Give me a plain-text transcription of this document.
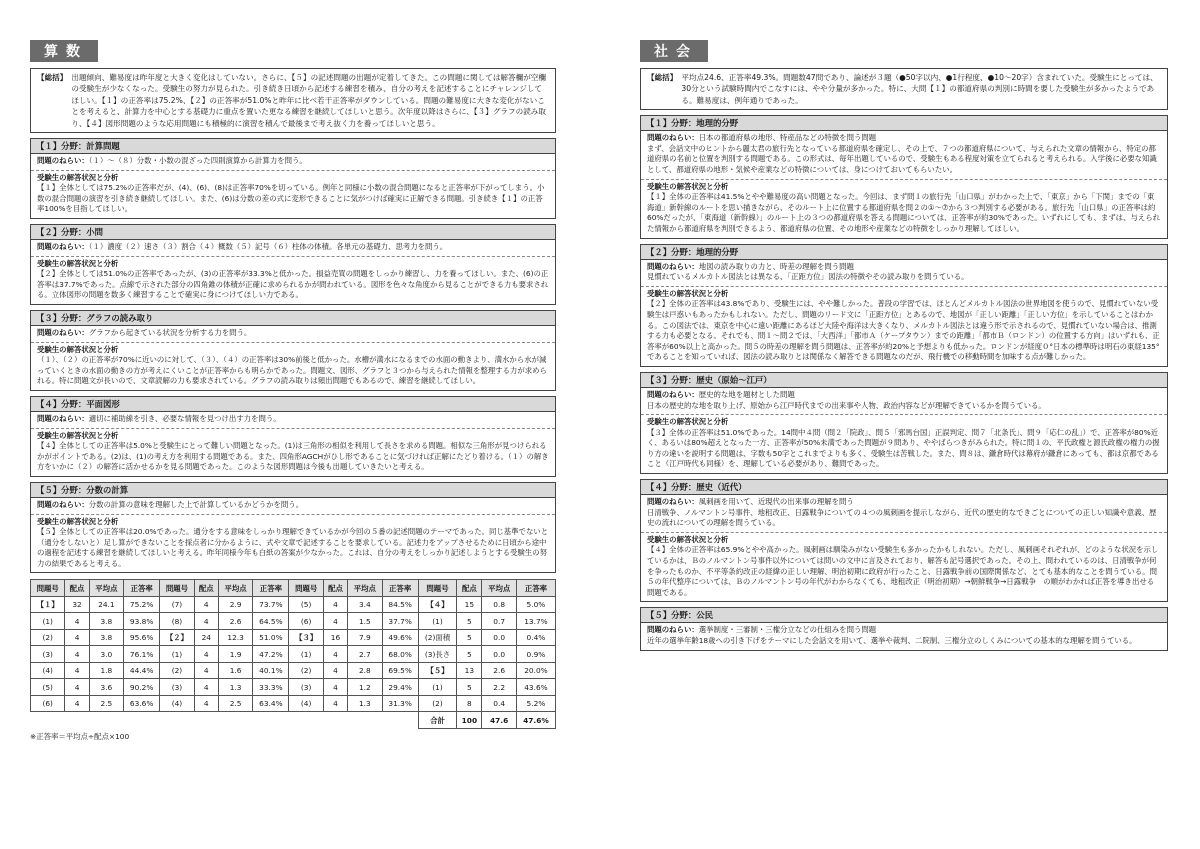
算数
【総括】 出題傾向、難易度は昨年度と大きく変化はしていない。さらに、【５】の記述問題の出題が定着してきた。この問題に関しては解答欄が空欄の受験生が少なくなった。受験生の努力が見られた。引き続き日頃から記述する練習を積み、自分の考えを記述することにチャレンジしてほしい。【１】の正答率は75.2%、【２】の正答率が51.0%と昨年に比べ若干正答率がダウンしている。問題の難易度に大きな変化がないことを考えると、計算力を中心とする基礎力に重点を置いた更なる練習を継続してほしいと思う。次年度以降はさらに、【３】グラフの読み取り、【４】図形問題のような応用問題にも積極的に演習を積んで最後まで考え抜く力を養ってほしいと思う。
【１】分野：計算問題
問題のねらい：（１）〜（８）分数・小数の混ざった四則演算から計算力を問う。
受験生の解答状況と分析
【１】全体としては75.2%の正答率だが、(4)、(6)、(8)は正答率70%を切っている。例年と同様に小数の混合問題になると正答率が下がってしまう。小数の混合問題の演習を引き続き継続してほしい。また、(6)は分数の差の式に変形できることに気がつけば確実に正解できる問題。引き続き【１】の正答率100%を目指してほしい。
【２】分野：小問
問題のねらい：（１）濃度（２）速さ（３）割合（４）概数（５）記号（６）柱体の体積。各単元の基礎力、思考力を問う。
受験生の解答状況と分析
【２】全体としては51.0%の正答率であったが、(3)の正答率が33.3%と低かった。損益売買の問題をしっかり練習し、力を養ってほしい。また、(6)の正答率は37.7%であった。点線で示された部分の四角錐の体積が正確に求められるかが問われている。図形を色々な角度から見ることができる力も要求される。立体図形の問題を数多く練習することで確実に身につけてほしい力である。
【３】分野：グラフの読み取り
問題のねらい：グラフから起きている状況を分析する力を問う。
受験生の解答状況と分析
（１）、（２）の正答率が70%に近いのに対して、（３）、（４）の正答率は30%前後と低かった。水槽が満水になるまでの水面の動きより、満水から水が減っていくときの水面の動きの方が考えにくいことが正答率からも明らかであった。問題文、図形、グラフと３つから与えられた情報を整理する力が求められる。特に問題文が長いので、文章読解の力も要求されている。グラフの読み取りは頻出問題でもあるので、練習を継続してほしい。
【４】分野：平面図形
問題のねらい：適切に補助線を引き、必要な情報を見つけ出す力を問う。
受験生の解答状況と分析
【４】全体としての正答率は5.0%と受験生にとって難しい問題となった。(1)は三角形の相似を利用して長さを求める問題。相似な三角形が見つけられるかがポイントである。(2)は、(1)の考え方を利用する問題である。また、四角形AGCHがひし形であることに気づければ正解にたどり着ける。（１）の解き方をいかに（２）の解答に活かせるかを見る問題であった。このような図形問題は今後も出題していきたいと考える。
【５】分野：分数の計算
問題のねらい：分数の計算の意味を理解した上で計算しているかどうかを問う。
受験生の解答状況と分析
【５】全体としての正答率は20.0%であった。通分をする意味をしっかり理解できているかが今回の５番の記述問題のテーマであった。同じ基準でないと（通分をしないと）足し算ができないことを採点者に分かるように、式や文章で記述することを要求している。記述力をアップさせるために日頃から途中の過程を記述する練習を継続してほしいと考える。昨年同様今年も白紙の答案が少なかった。これは、自分の考えをしっかり記述しようとする受験生の努力の結果であると考える。
問題号	配点	平均点	正答率	問題号	配点	平均点	正答率	問題号	配点	平均点	正答率	問題号	配点	平均点	正答率
【１】	32	24.1	75.2%	(7)	4	2.9	73.7%	(5)	4	3.4	84.5%	【４】	15	0.8	5.0%
(1)	4	3.8	93.8%	(8)	4	2.6	64.5%	(6)	4	1.5	37.7%	(1)	5	0.7	13.7%
(2)	4	3.8	95.6%	【２】	24	12.3	51.0%	【３】	16	7.9	49.6%	(2)面積	5	0.0	0.4%
(3)	4	3.0	76.1%	(1)	4	1.9	47.2%	(1)	4	2.7	68.0%	(3)長さ	5	0.0	0.9%
(4)	4	1.8	44.4%	(2)	4	1.6	40.1%	(2)	4	2.8	69.5%	【５】	13	2.6	20.0%
(5)	4	3.6	90.2%	(3)	4	1.3	33.3%	(3)	4	1.2	29.4%	(1)	5	2.2	43.6%
(6)	4	2.5	63.6%	(4)	4	2.5	63.4%	(4)	4	1.3	31.3%	(2)	8	0.4	5.2%
												合計	100	47.6	47.6%
※正答率＝平均点÷配点×100
社会
【総括】 平均点24.6、正答率49.3%。問題数47問であり、論述が３題（●50字以内、●1行程度、●10〜20字）含まれていた。受験生にとっては、30分という試験時間内でこなすには、やや分量が多かった。特に、大問【１】の都道府県の判別に時間を要した受験生が多かったようである。難易度は、例年通りであった。
【１】分野：地理的分野
問題のねらい：日本の都道府県の地形、特産品などの特徴を問う問題
まず、会話文中のヒントから麗太君の旅行先となっている都道府県を確定し、その上で、７つの都道府県について、与えられた文章の情報から、特定の都道府県の名前と位置を判別する問題である。この形式は、毎年出題しているので、受験生もある程度対策を立てられると考えられる。入学後に必要な知識として、都道府県の地形・気候や産業などの特徴については、身につけておいてもらいたい。
受験生の解答状況と分析
【１】全体の正答率は41.5%とやや難易度の高い問題となった。今回は、まず問１の旅行先「山口県」がわかった上で、「東京」から「下関」までの「東海道」新幹線のルートを思い描きながら、そのルート上に位置する都道府県を問２の①〜⑦から３つ判別する必要がある。旅行先「山口県」の正答率は約60%だったが、「東海道（新幹線）」のルート上の３つの都道府県を答える問題については、正答率が約30%であった。いずれにしても、まずは、与えられた情報から都道府県を判別できるよう、都道府県の位置、その地形や産業などの特徴をしっかり理解してほしい。
【２】分野：地理的分野
問題のねらい：地図の読み取りの力と、時差の理解を問う問題
見慣れているメルカトル図法とは異なる、「正距方位」図法の特徴やその読み取りを問うている。
受験生の解答状況と分析
【２】全体の正答率は43.8%であり、受験生には、やや難しかった。普段の学習では、ほとんどメルカトル図法の世界地図を使うので、見慣れていない受験生は戸惑いもあったかもしれない。ただし、問題のリード文に「正距方位」とあるので、地図が「正しい距離」「正しい方位」を示していることはわかる。この図法では、東京を中心に遠い距離にあるほど大陸や海洋は大きくなり、メルカトル図法とは違う形で示されるので、見慣れていない場合は、推測する力も必要となる。それでも、問１〜問２では、「大西洋」「都市Ａ（ケープタウン）までの距離」「都市Ｂ（ロンドン）の位置する方向」はいずれも、正答率が60%以上と高かった。問５の時差の理解を問う問題は、正答率が約20%と予想よりも低かった。ロンドンが経度０°日本の標準時は明石の東経135°であることを知っていれば、図法の読み取りとは関係なく解答できる問題なのだが、飛行機での移動時間を加味する点が難しかった。
【３】分野：歴史（原始〜江戸）
問題のねらい：歴史的な地を題材とした問題
日本の歴史的な地を取り上げ、原始から江戸時代までの出来事や人物、政治内容などが理解できているかを問うている。
受験生の解答状況と分析
【３】全体の正答率は51.0%であった。14問中４問（問２「院政」、問５「邪馬台国」正誤判定、問７「北条氏」、問９「応仁の乱」）で、正答率が80%近く、あるいは80%超えとなった一方、正答率が50%未満であった問題が９問あり、ややばらつきがみられた。特に問１の、平氏政権と源氏政権の権力の握り方の違いを説明する問題は、字数も50字とこれまでよりも多く、受験生は苦戦した。また、問８は、鎌倉時代は幕府が鎌倉にあっても、都は京都であること（江戸時代も同様）を、理解している必要があり、難問であった。
【４】分野：歴史（近代）
問題のねらい：風刺画を用いて、近現代の出来事の理解を問う
日清戦争、ノルマントン号事件、地租改正、日露戦争についての４つの風刺画を提示しながら、近代の歴史的なできごとについての正しい知識や意義、歴史の流れについての理解を問うている。
受験生の解答状況と分析
【４】全体の正答率は65.9%とやや高かった。風刺画は馴染みがない受験生も多かったかもしれない。ただし、風刺画それぞれが、どのような状況を示しているかは、Ｂのノルマントン号事件以外については問いの文中に言及されており、解答も記号選択であった。その上、問われているのは、日清戦争が何を争ったものか、不平等条約改正の経緯の正しい理解、明治初期に政府が行ったこと、日露戦争前の国際関係など、とても基本的なことを問うている。問５の年代整序については、Ｂのノルマントン号の年代がわからなくても、地租改正（明治初期）→朝鮮戦争→日露戦争　の順がわかれば正答を導き出せる問題である。
【５】分野：公民
問題のねらい：選挙制度・三審制・三権分立などの仕組みを問う問題
近年の選挙年齢18歳への引き下げをテーマにした会話文を用いて、選挙や裁判、二院制、三権分立のしくみについての基本的な理解を問うている。
